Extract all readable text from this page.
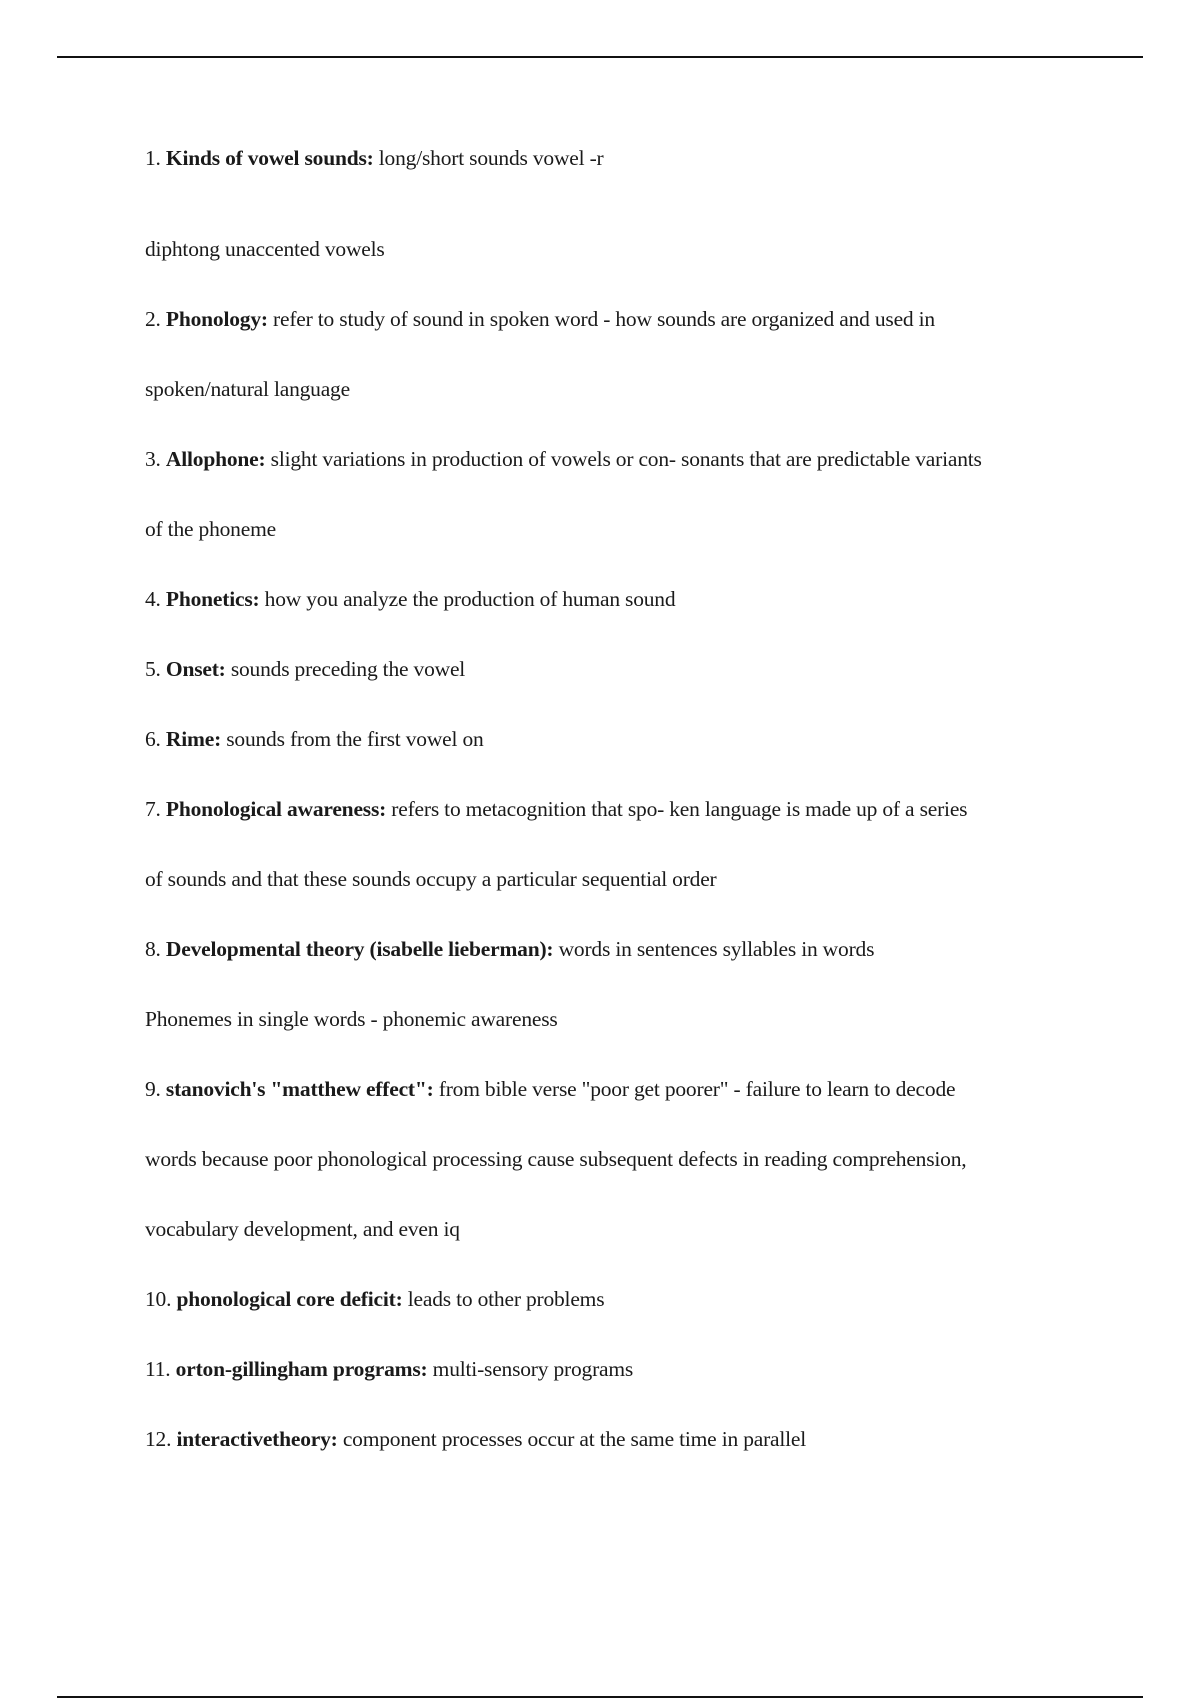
1. Kinds of vowel sounds: long/short sounds vowel -r
diphtong unaccented vowels
2. Phonology: refer to study of sound in spoken word - how sounds are organized and used in
spoken/natural language
3. Allophone: slight variations in production of vowels or con- sonants that are predictable variants
of the phoneme
4. Phonetics: how you analyze the production of human sound
5. Onset: sounds preceding the vowel
6. Rime: sounds from the first vowel on
7. Phonological awareness: refers to metacognition that spo- ken language is made up of a series
of sounds and that these sounds occupy a particular sequential order
8. Developmental theory (isabelle lieberman): words in sentences syllables in words
Phonemes in single words - phonemic awareness
9. stanovich's "matthew effect": from bible verse "poor get poorer" - failure to learn to decode
words because poor phonological processing cause subsequent defects in reading comprehension,
vocabulary development, and even iq
10. phonological core deficit: leads to other problems
11. orton-gillingham programs: multi-sensory programs
12. interactivetheory: component processes occur at the same time in parallel
